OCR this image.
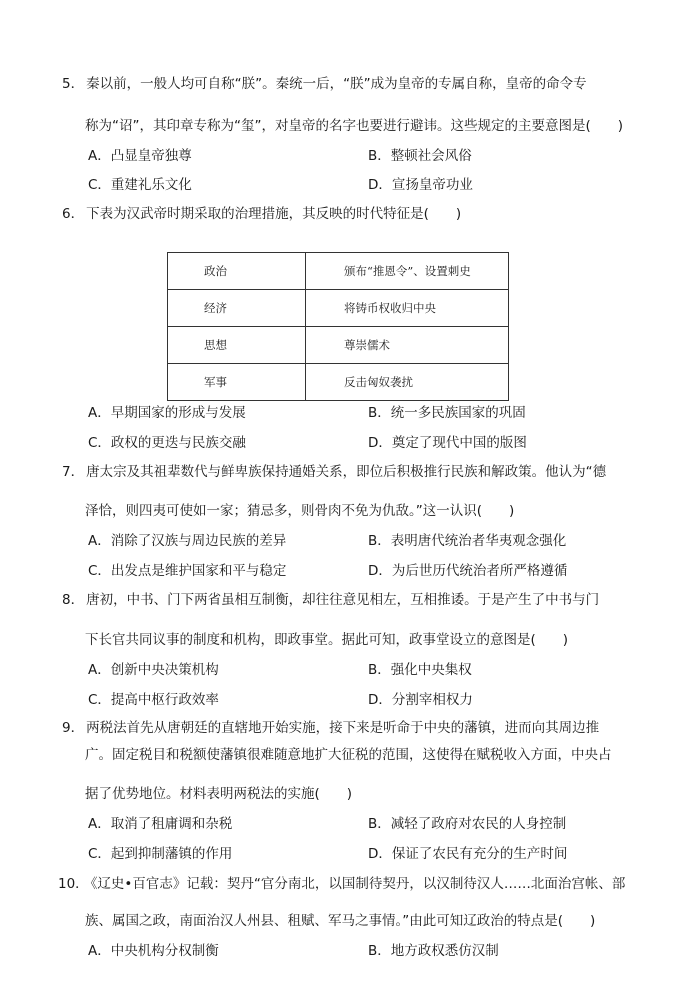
5． 秦以前，一般人均可自称“朕”。秦统一后，“朕”成为皇帝的专属自称，皇帝的命令专
称为“诏”，其印章专称为“玺”，对皇帝的名字也要进行避讳。这些规定的主要意图是(　　)
A．凸显皇帝独尊	B．整顿社会风俗
C．重建礼乐文化	D．宣扬皇帝功业
6． 下表为汉武帝时期采取的治理措施，其反映的时代特征是(　　)
政治	颁布“推恩令”、设置刺史
经济	将铸币权收归中央
思想	尊崇儒术
军事	反击匈奴袭扰
A．早期国家的形成与发展	B．统一多民族国家的巩固
C．政权的更迭与民族交融	D．奠定了现代中国的版图
7． 唐太宗及其祖辈数代与鲜卑族保持通婚关系，即位后积极推行民族和解政策。他认为“德
泽恰，则四夷可使如一家；猜忌多，则骨肉不免为仇敌。”这一认识(　　)
A．消除了汉族与周边民族的差异	B．表明唐代统治者华夷观念强化
C．出发点是维护国家和平与稳定	D．为后世历代统治者所严格遵循
8． 唐初，中书、门下两省虽相互制衡，却往往意见相左，互相推诿。于是产生了中书与门
下长官共同议事的制度和机构，即政事堂。据此可知，政事堂设立的意图是(　　)
A．创新中央决策机构	B．强化中央集权
C．提高中枢行政效率	D．分割宰相权力
9． 两税法首先从唐朝廷的直辖地开始实施，接下来是听命于中央的藩镇，进而向其周边推
广。固定税目和税额使藩镇很难随意地扩大征税的范围，这使得在赋税收入方面，中央占
据了优势地位。材料表明两税法的实施(　　)
A．取消了租庸调和杂税	B．减轻了政府对农民的人身控制
C．起到抑制藩镇的作用	D．保证了农民有充分的生产时间
10． 《辽史•百官志》记载：契丹“官分南北，以国制待契丹，以汉制待汉人……北面治宫帐、部
族、属国之政，南面治汉人州县、租赋、军马之事情。”由此可知辽政治的特点是(　　)
A．中央机构分权制衡	B．地方政权悉仿汉制
